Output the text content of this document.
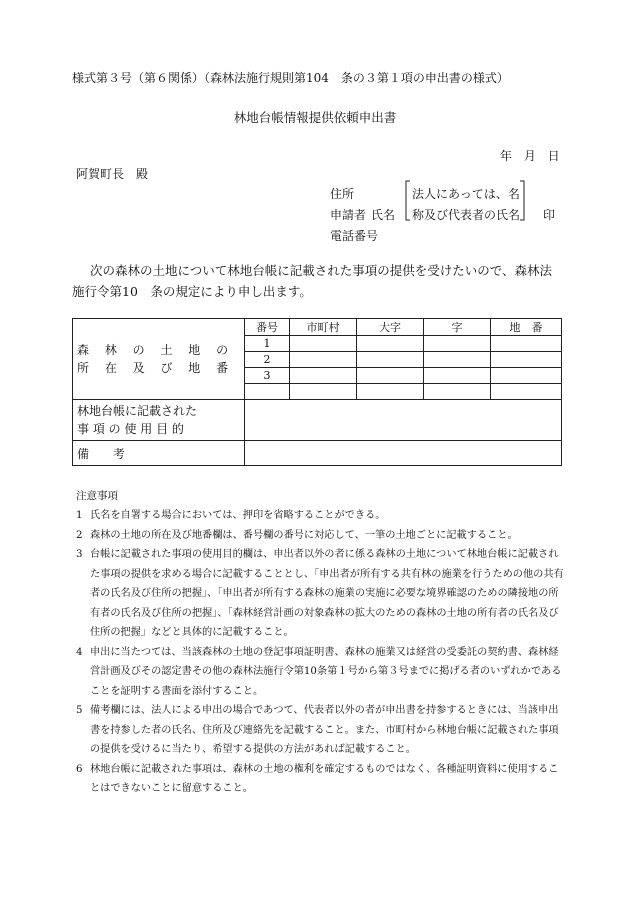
様式第３号（第６関係）（森林法施行規則第104　条の３第１項の申出書の様式）
林地台帳情報提供依頼申出書
年 月 日
阿賀町長　殿
住所
申請者 氏名
電話番号
法人にあっては、名
称及び代表者の氏名 印

次の森林の土地について林地台帳に記載された事項の提供を受けたいので、森林法

施行令第10　条の規定により申し出ます。

森 林 の 土 地 の
所 在 及 び 地 番	番号	市町村	大字	字	地　番
	1				
	2				
	3				

林地台帳に記載された
事 項 の 使 用 目 的					

備 考					
注意事項
1 氏名を自署する場合においては、押印を省略することができる。
2 森林の土地の所在及び地番欄は、番号欄の番号に対応して、一筆の土地ごとに記載すること。
3 台帳に記載された事項の使用目的欄は、申出者以外の者に係る森林の土地について林地台帳に記載された事項の提供を求める場合に記載することとし、「申出者が所有する共有林の施業を行うための他の共有者の氏名及び住所の把握」、「申出者が所有する森林の施業の実施に必要な境界確認のための隣接地の所有者の氏名及び住所の把握」、「森林経営計画の対象森林の拡大のための森林の土地の所有者の氏名及び住所の把握」などと具体的に記載すること。
4 申出に当たつては、当該森林の土地の登記事項証明書、森林の施業又は経営の受委託の契約書、森林経営計画及びその認定書その他の森林法施行令第10条第１号から第３号までに掲げる者のいずれかであることを証明する書面を添付すること。
5 備考欄には、法人による申出の場合であつて、代表者以外の者が申出書を持参するときには、当該申出書を持参した者の氏名、住所及び連絡先を記載すること。また、市町村から林地台帳に記載された事項の提供を受けるに当たり、希望する提供の方法があれば記載すること。
6 林地台帳に記載された事項は、森林の土地の権利を確定するものではなく、各種証明資料に使用することはできないことに留意すること。
